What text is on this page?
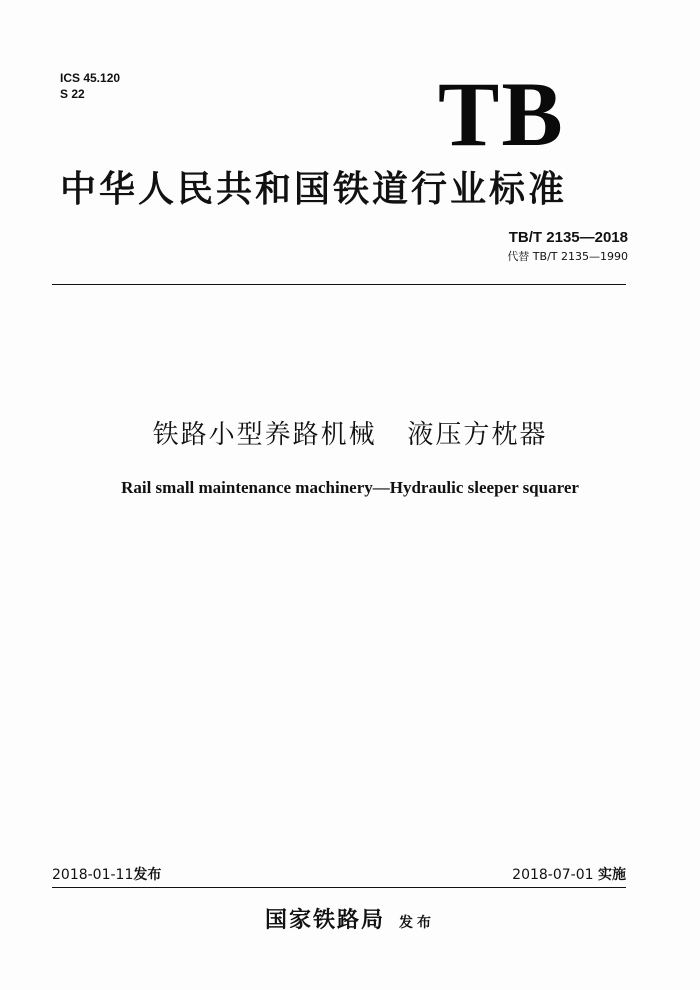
ICS 45.120
S 22	TB
中华人民共和国铁道行业标准
TB/T 2135—2018
代替 TB/T 2135—1990
铁路小型养路机械   液压方枕器
Rail small maintenance machinery—Hydraulic sleeper squarer
2018-01-11发布	2018-07-01 实施
国家铁路局 发布
